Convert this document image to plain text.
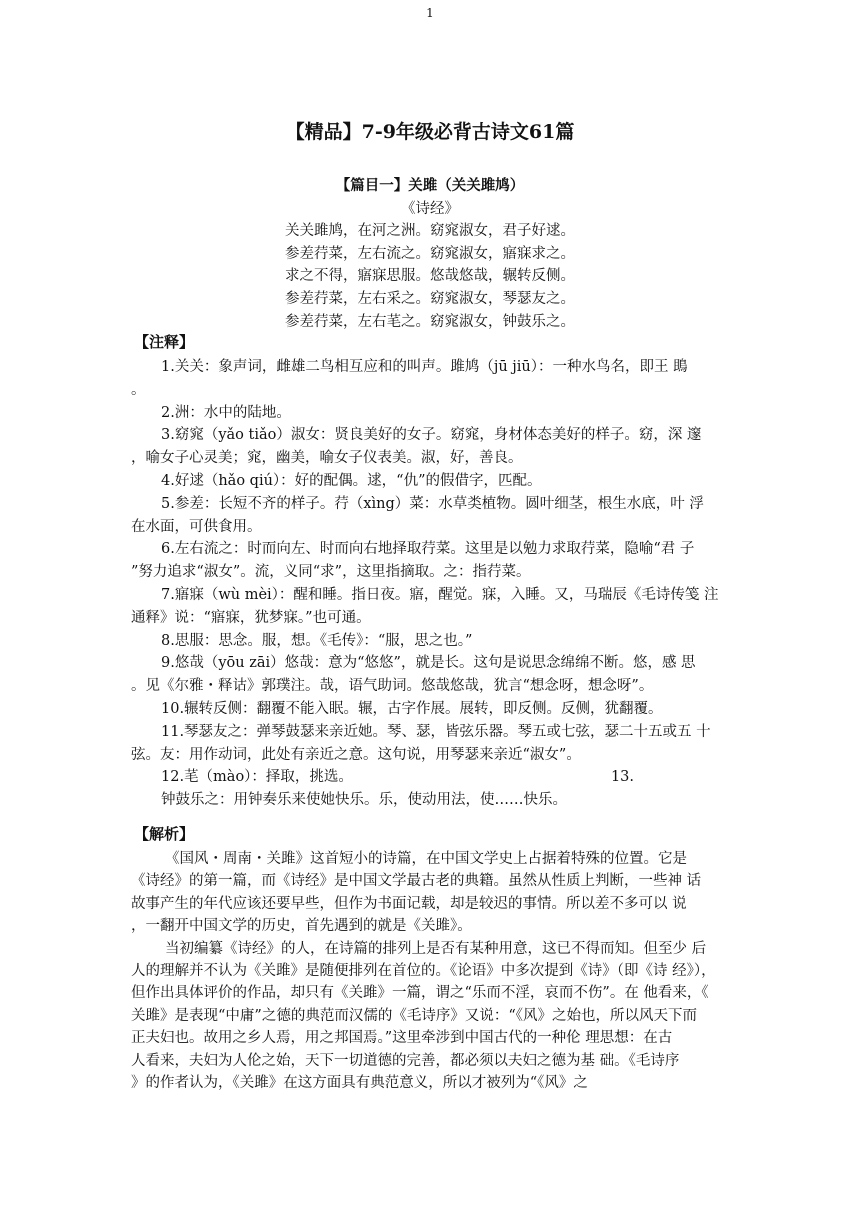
1
【精品】7-9年级必背古诗文61篇
【篇目一】关雎（关关雎鸠）
《诗经》
关关雎鸠，在河之洲。窈窕淑女，君子好逑。
参差荇菜，左右流之。窈窕淑女，寤寐求之。
求之不得，寤寐思服。悠哉悠哉，辗转反侧。
参差荇菜，左右采之。窈窕淑女，琴瑟友之。
参差荇菜，左右芼之。窈窕淑女，钟鼓乐之。
【注释】
1.关关：象声词，雌雄二鸟相互应和的叫声。雎鸠（jū jiū）：一种水鸟名，即王 鴡
。
2.洲：水中的陆地。
3.窈窕（yǎo tiǎo）淑女：贤良美好的女子。窈窕，身材体态美好的样子。窈，深 邃
，喻女子心灵美；窕，幽美，喻女子仪表美。淑，好，善良。
4.好逑（hǎo qiú）：好的配偶。逑，“仇”的假借字，匹配。
5.参差：长短不齐的样子。荇（xìng）菜：水草类植物。圆叶细茎，根生水底，叶 浮
在水面，可供食用。
6.左右流之：时而向左、时而向右地择取荇菜。这里是以勉力求取荇菜，隐喻“君 子
”努力追求“淑女”。流，义同“求”，这里指摘取。之：指荇菜。
7.寤寐（wù mèi）：醒和睡。指日夜。寤，醒觉。寐，入睡。又，马瑞辰《毛诗传笺 注
通释》说：“寤寐，犹梦寐。”也可通。
8.思服：思念。服，想。《毛传》：“服，思之也。”
9.悠哉（yōu zāi）悠哉：意为“悠悠”，就是长。这句是说思念绵绵不断。悠，感 思
。见《尔雅・释诂》郭璞注。哉，语气助词。悠哉悠哉，犹言“想念呀，想念呀”。
10.辗转反侧：翻覆不能入眠。辗，古字作展。展转，即反侧。反侧，犹翻覆。
11.琴瑟友之：弹琴鼓瑟来亲近她。琴、瑟，皆弦乐器。琴五或七弦，瑟二十五或五 十
弦。友：用作动词，此处有亲近之意。这句说，用琴瑟来亲近“淑女”。
12.芼（mào）：择取，挑选。	13.
钟鼓乐之：用钟奏乐来使她快乐。乐，使动用法，使……快乐。
【解析】
《国风・周南・关雎》这首短小的诗篇，在中国文学史上占据着特殊的位置。它是
《诗经》的第一篇，而《诗经》是中国文学最古老的典籍。虽然从性质上判断，一些神 话
故事产生的年代应该还要早些，但作为书面记载，却是较迟的事情。所以差不多可以 说
，一翻开中国文学的历史，首先遇到的就是《关雎》。
当初编纂《诗经》的人，在诗篇的排列上是否有某种用意，这已不得而知。但至少 后
人的理解并不认为《关雎》是随便排列在首位的。《论语》中多次提到《诗》（即《诗 经》），
但作出具体评价的作品，却只有《关雎》一篇，谓之“乐而不淫，哀而不伤”。在 他看来，《
关雎》是表现“中庸”之德的典范而汉儒的《毛诗序》又说：“《风》之始也，所以风天下而
正夫妇也。故用之乡人焉，用之邦国焉。”这里牵涉到中国古代的一种伦 理思想：在古
人看来，夫妇为人伦之始，天下一切道德的完善，都必须以夫妇之德为基 础。《毛诗序
》的作者认为，《关雎》在这方面具有典范意义，所以才被列为“《风》之
